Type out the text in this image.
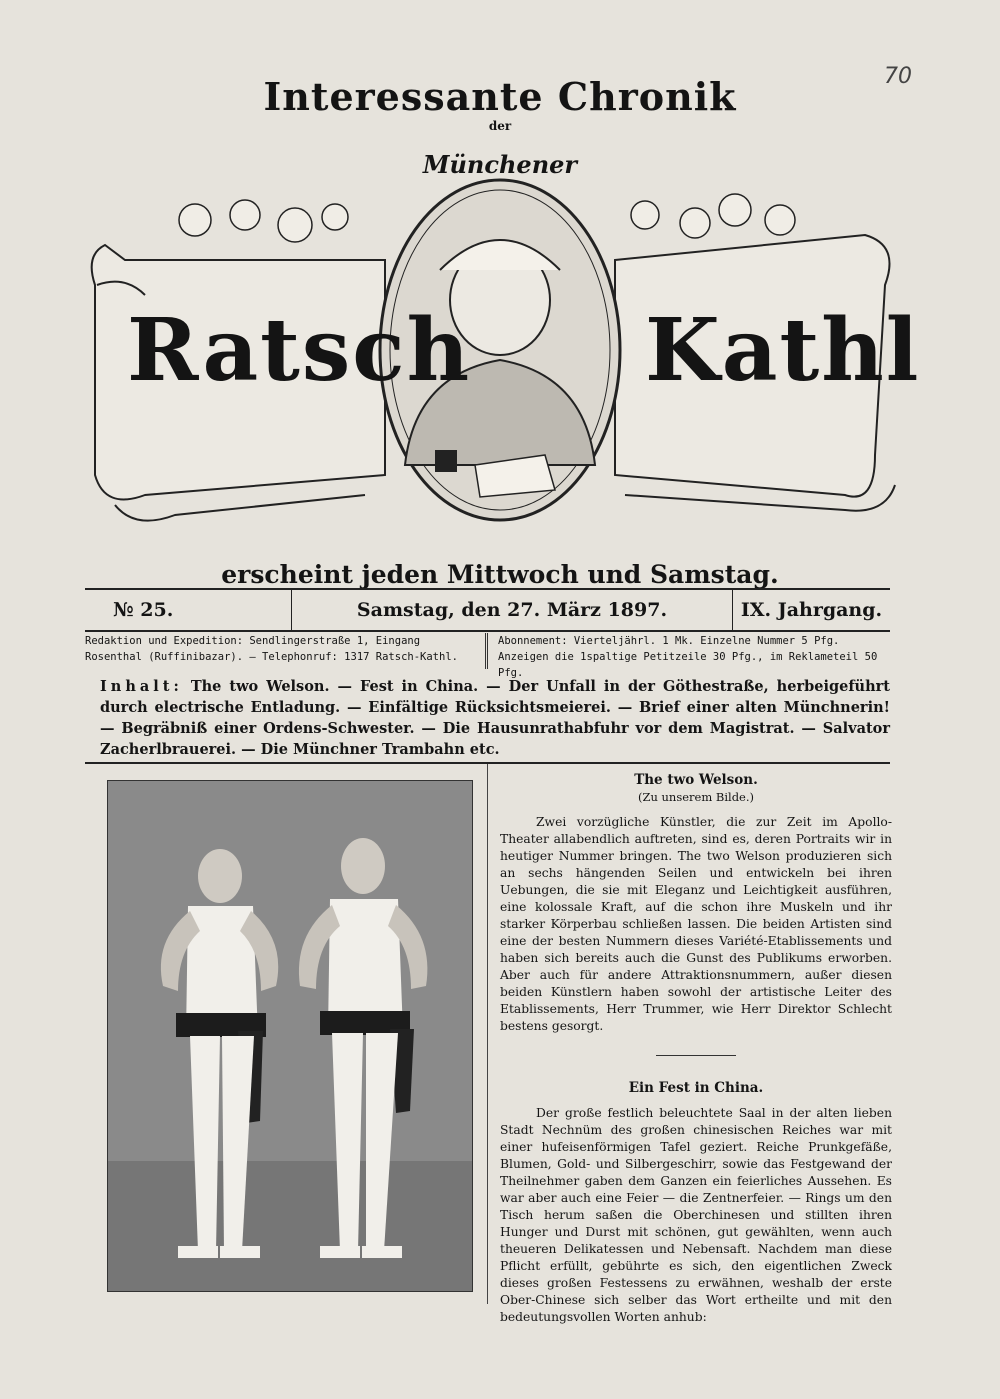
70
Interessante Chronik
der
Münchener
Ratsch Kathl
erscheint jeden Mittwoch und Samstag.
№ 25.	Samstag, den 27. März 1897.	IX. Jahrgang.
Redaktion und Expedition: Sendlingerstraße 1, Eingang Rosenthal (Ruffinibazar). — Telephonruf: 1317 Ratsch-Kathl.
Abonnement: Vierteljährl. 1 Mk. Einzelne Nummer 5 Pfg. Anzeigen die 1spaltige Petitzeile 30 Pfg., im Reklameteil 50 Pfg.
Inhalt: The two Welson. — Fest in China. — Der Unfall in der Göthestraße, herbeigeführt durch electrische Entladung. — Einfältige Rücksichtsmeierei. — Brief einer alten Münchnerin! — Begräbniß einer Ordens-Schwester. — Die Hausunrathabfuhr vor dem Magistrat. — Salvator Zacherlbrauerei. — Die Münchner Trambahn etc.

The two Welson.

(Zu unserem Bilde.)

Zwei vorzügliche Künstler, die zur Zeit im Apollo-Theater allabendlich auftreten, sind es, deren Portraits wir in heutiger Nummer bringen. The two Welson produzieren sich an sechs hängenden Seilen und entwickeln bei ihren Uebungen, die sie mit Eleganz und Leichtigkeit ausführen, eine kolossale Kraft, auf die schon ihre Muskeln und ihr starker Körperbau schließen lassen. Die beiden Artisten sind eine der besten Nummern dieses Variété-Etablissements und haben sich bereits auch die Gunst des Publikums erworben. Aber auch für andere Attraktionsnummern, außer diesen beiden Künstlern haben sowohl der artistische Leiter des Etablissements, Herr Trummer, wie Herr Direktor Schlecht bestens gesorgt.

Ein Fest in China.

Der große festlich beleuchtete Saal in der alten lieben Stadt Nechnüm des großen chinesischen Reiches war mit einer hufeisenförmigen Tafel geziert. Reiche Prunkgefäße, Blumen, Gold- und Silbergeschirr, sowie das Festgewand der Theilnehmer gaben dem Ganzen ein feierliches Aussehen. Es war aber auch eine Feier — die Zentnerfeier. — Rings um den Tisch herum saßen die Oberchinesen und stillten ihren Hunger und Durst mit schönen, gut gewählten, wenn auch theueren Delikatessen und Nebensaft. Nachdem man diese Pflicht erfüllt, gebührte es sich, den eigentlichen Zweck dieses großen Festessens zu erwähnen, weshalb der erste Ober-Chinese sich selber das Wort ertheilte und mit den bedeutungsvollen Worten anhub:
